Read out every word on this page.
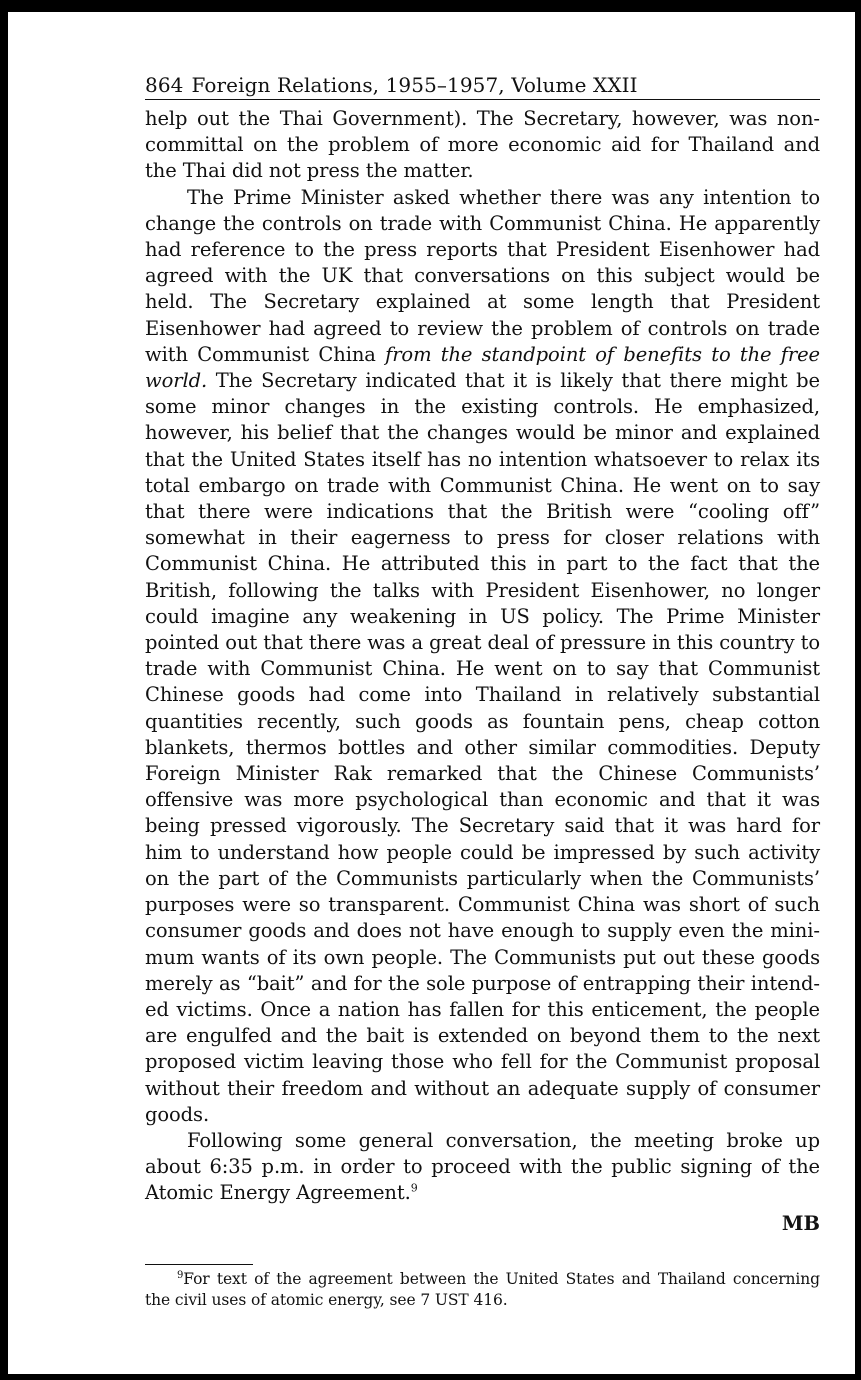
864 Foreign Relations, 1955–1957, Volume XXII

help out the Thai Government). The Secretary, however, was noncommittal on the problem of more economic aid for Thailand and the Thai did not press the matter.

The Prime Minister asked whether there was any intention to change the controls on trade with Communist China. He apparently had reference to the press reports that President Eisenhower had agreed with the UK that conversations on this subject would be held. The Secretary explained at some length that President Eisenhower had agreed to review the problem of controls on trade with Communist China from the standpoint of benefits to the free world. The Secretary indicated that it is likely that there might be some minor changes in the existing controls. He emphasized, however, his belief that the changes would be minor and explained that the United States itself has no intention whatsoever to relax its total embargo on trade with Communist China. He went on to say that there were indications that the British were “cooling off” somewhat in their eagerness to press for closer relations with Communist China. He attributed this in part to the fact that the British, following the talks with President Eisenhower, no longer could imagine any weakening in US policy. The Prime Minister pointed out that there was a great deal of pressure in this country to trade with Communist China. He went on to say that Communist Chinese goods had come into Thailand in relatively substantial quantities recently, such goods as fountain pens, cheap cotton blankets, thermos bottles and other similar commodities. Deputy Foreign Minister Rak remarked that the Chinese Communists’ offensive was more psychological than economic and that it was being pressed vigorously. The Secretary said that it was hard for him to understand how people could be impressed by such activity on the part of the Communists particularly when the Communists’ purposes were so transparent. Communist China was short of such consumer goods and does not have enough to supply even the minimum wants of its own people. The Communists put out these goods merely as “bait” and for the sole purpose of entrapping their intended victims. Once a nation has fallen for this enticement, the people are engulfed and the bait is extended on beyond them to the next proposed victim leaving those who fell for the Communist proposal without their freedom and without an adequate supply of consumer goods.

Following some general conversation, the meeting broke up about 6:35 p.m. in order to proceed with the public signing of the Atomic Energy Agreement.$^9$

MB
$^9$For text of the agreement between the United States and Thailand concerning the civil uses of atomic energy, see 7 UST 416.
